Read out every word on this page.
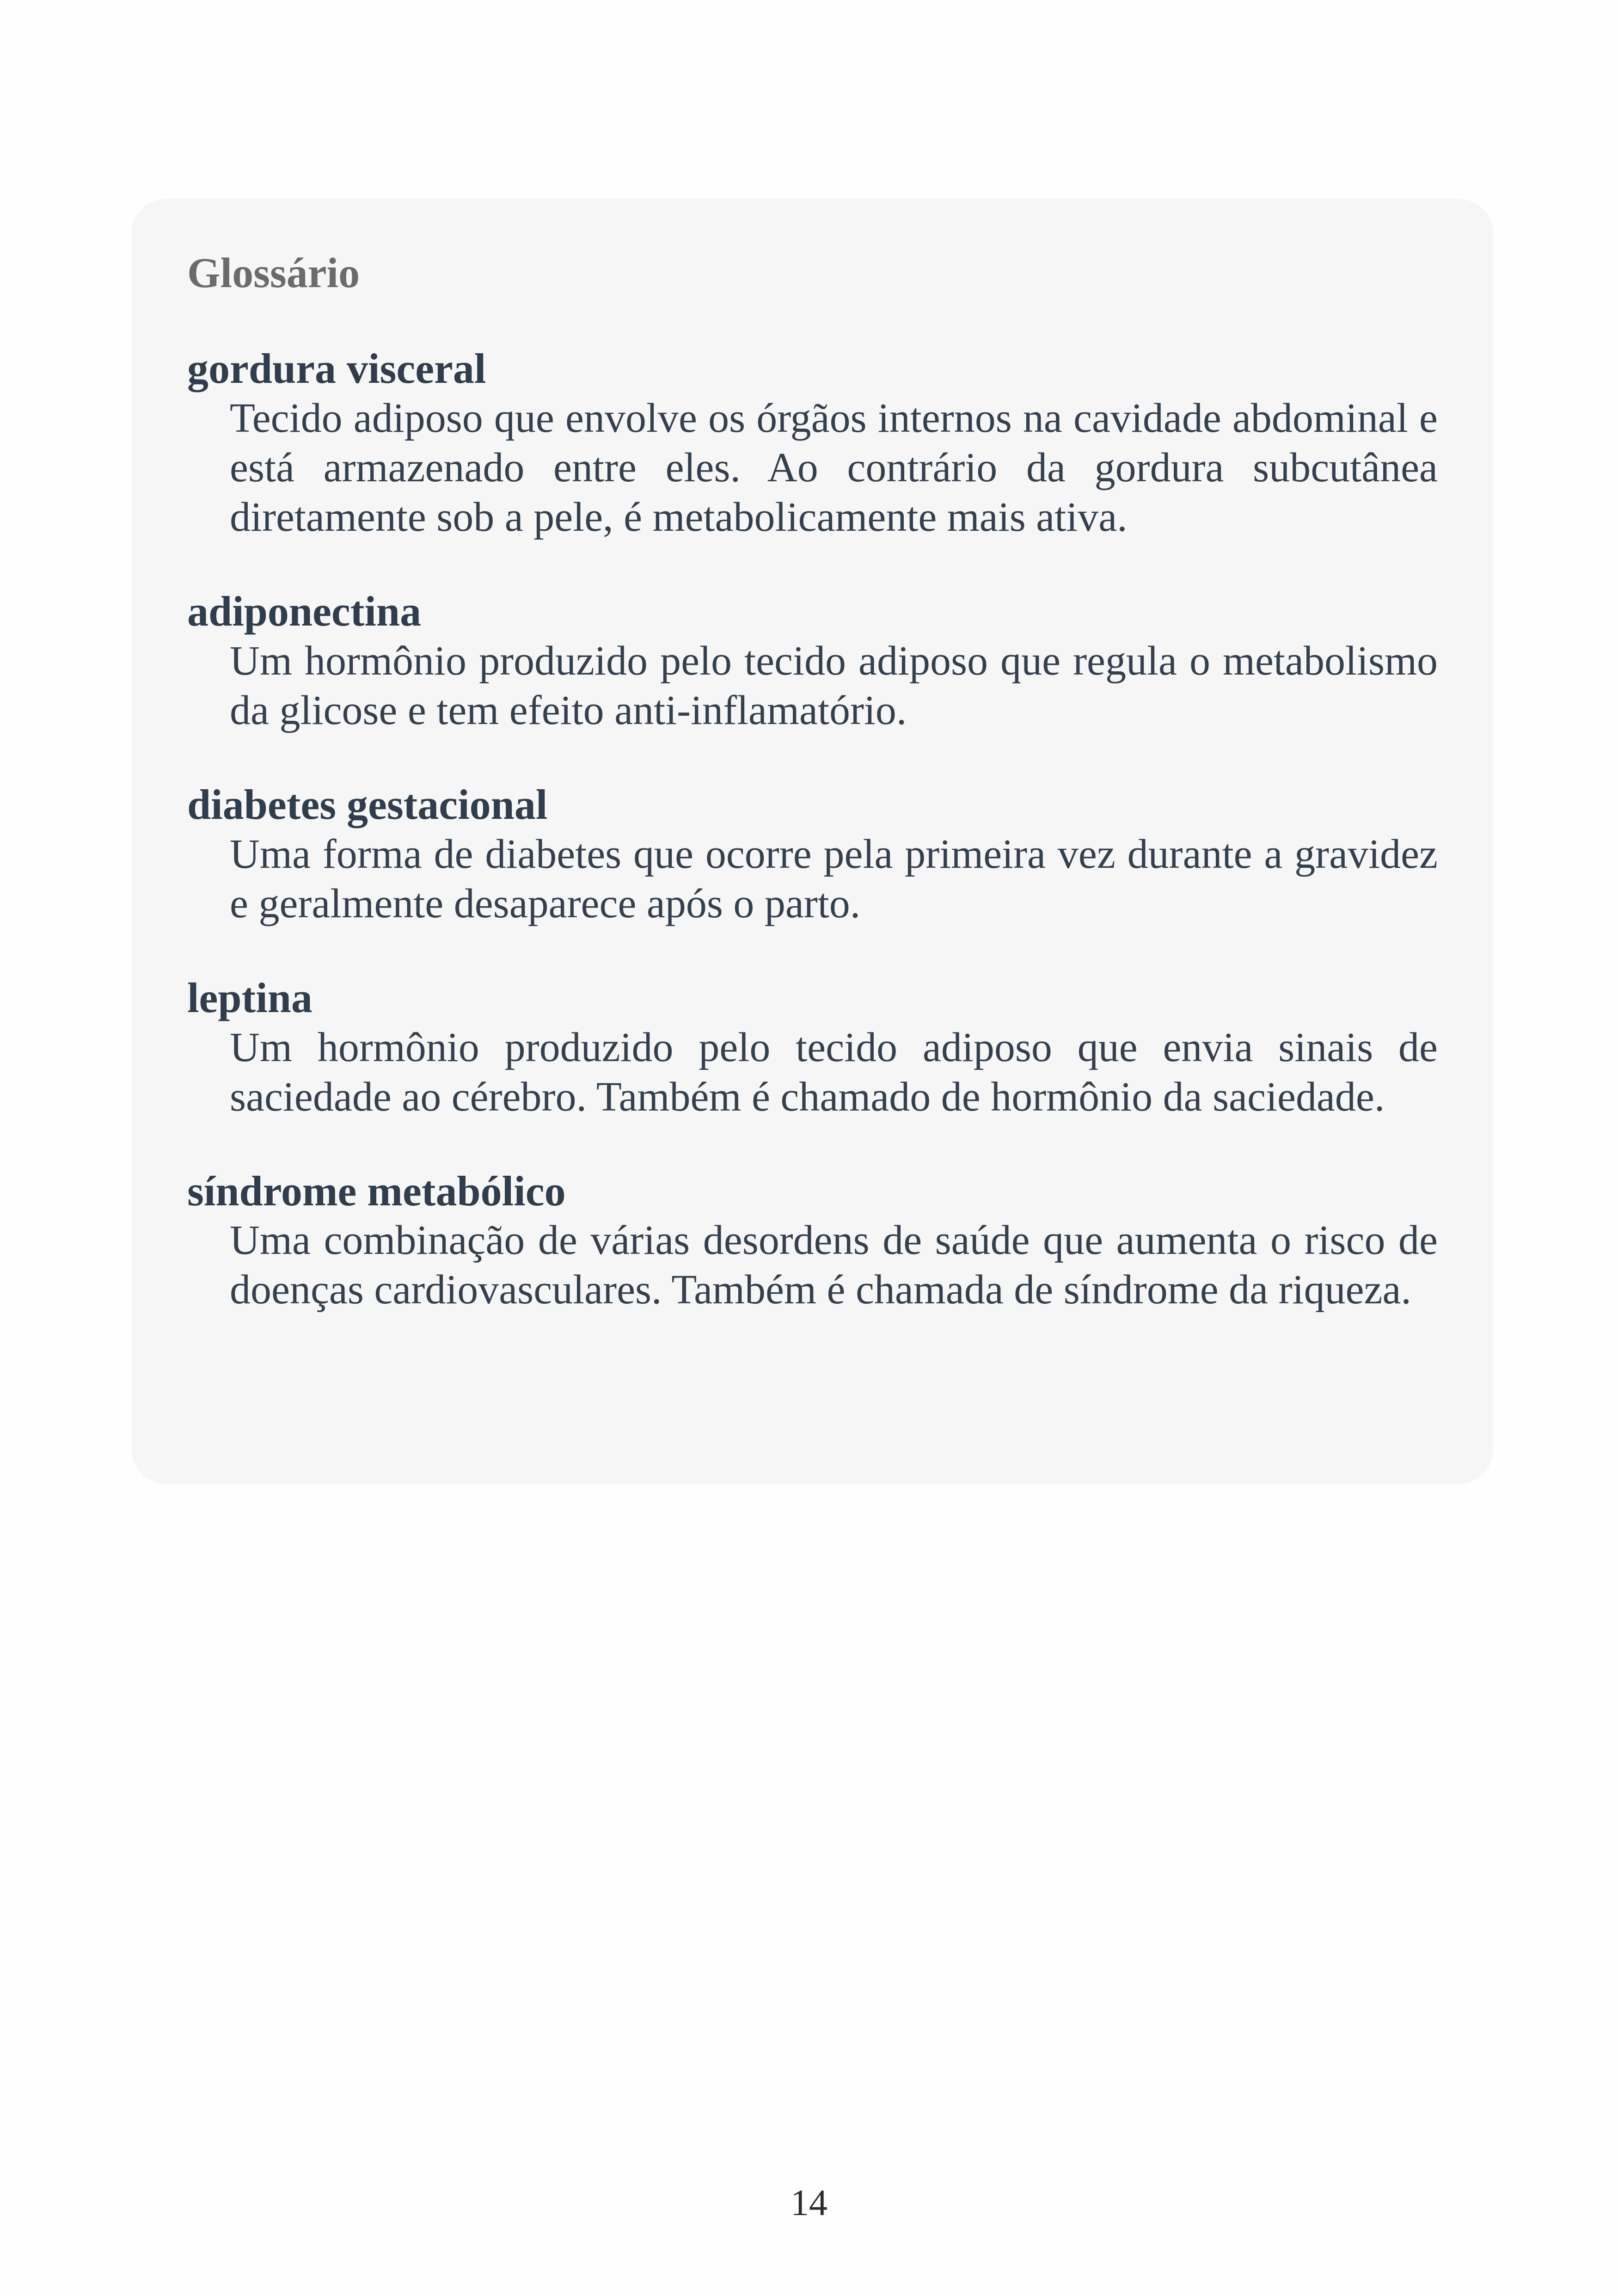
Glossário
gordura visceral
Tecido adiposo que envolve os órgãos internos na cavidade abdominal e está armazenado entre eles. Ao contrário da gordura subcutânea diretamente sob a pele, é metabolicamente mais ativa.
adiponectina
Um hormônio produzido pelo tecido adiposo que regula o metabolismo da glicose e tem efeito anti-inflamatório.
diabetes gestacional
Uma forma de diabetes que ocorre pela primeira vez durante a gravidez e geralmente desaparece após o parto.
leptina
Um hormônio produzido pelo tecido adiposo que envia sinais de saciedade ao cérebro. Também é chamado de hormônio da saciedade.
síndrome metabólico
Uma combinação de várias desordens de saúde que aumenta o risco de doenças cardiovasculares. Também é chamada de síndrome da riqueza.
14
